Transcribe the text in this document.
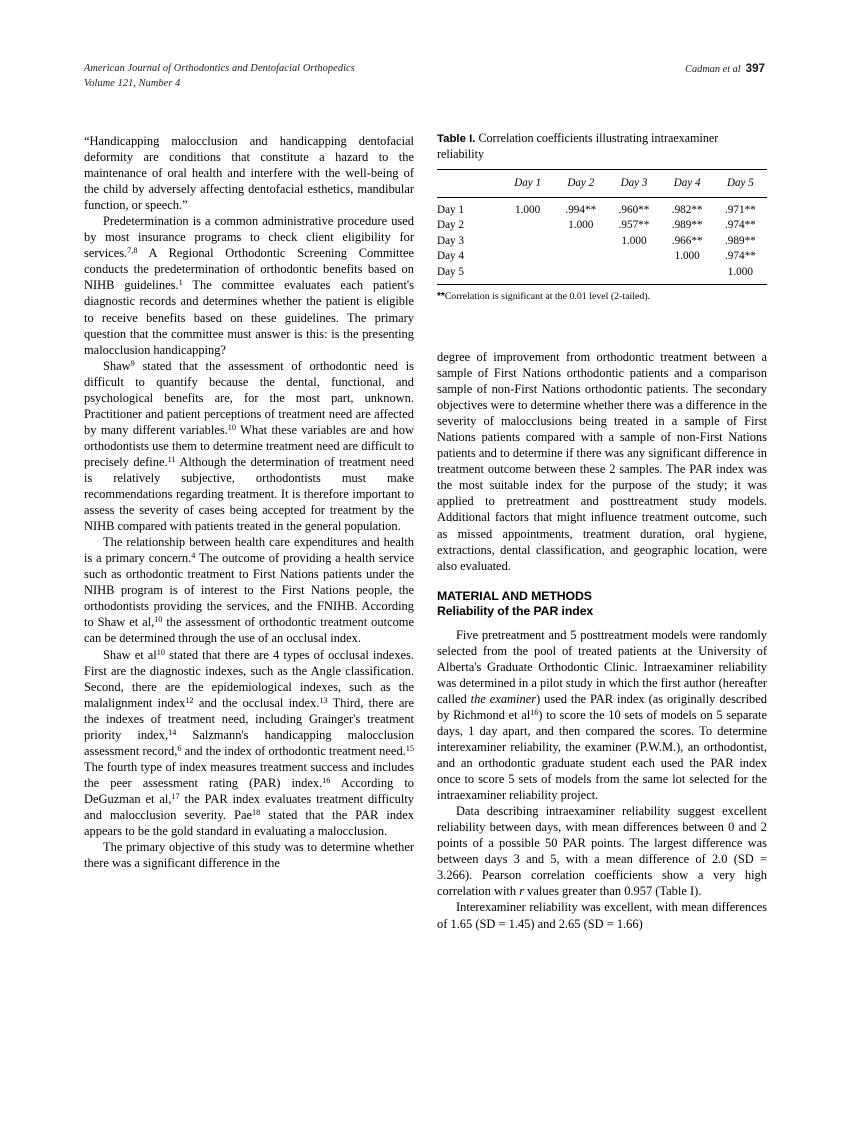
American Journal of Orthodontics and Dentofacial Orthopedics
Volume 121, Number 4
Cadman et al 397

“Handicapping malocclusion and handicapping dentofacial deformity are conditions that constitute a hazard to the maintenance of oral health and interfere with the well-being of the child by adversely affecting dentofacial esthetics, mandibular function, or speech.”

Predetermination is a common administrative procedure used by most insurance programs to check client eligibility for services.$^{7,8}$ A Regional Orthodontic Screening Committee conducts the predetermination of orthodontic benefits based on NIHB guidelines.$^1$ The committee evaluates each patient's diagnostic records and determines whether the patient is eligible to receive benefits based on these guidelines. The primary question that the committee must answer is this: is the presenting malocclusion handicapping?

Shaw$^9$ stated that the assessment of orthodontic need is difficult to quantify because the dental, functional, and psychological benefits are, for the most part, unknown. Practitioner and patient perceptions of treatment need are affected by many different variables.$^{10}$ What these variables are and how orthodontists use them to determine treatment need are difficult to precisely define.$^{11}$ Although the determination of treatment need is relatively subjective, orthodontists must make recommendations regarding treatment. It is therefore important to assess the severity of cases being accepted for treatment by the NIHB compared with patients treated in the general population.

The relationship between health care expenditures and health is a primary concern.$^4$ The outcome of providing a health service such as orthodontic treatment to First Nations patients under the NIHB program is of interest to the First Nations people, the orthodontists providing the services, and the FNIHB. According to Shaw et al,$^{10}$ the assessment of orthodontic treatment outcome can be determined through the use of an occlusal index.

Shaw et $al^{10}$ stated that there are 4 types of occlusal indexes. First are the diagnostic indexes, such as the Angle classification. Second, there are the epidemiological indexes, such as the malalignment index$^{12}$ and the occlusal index.$^{13}$ Third, there are the indexes of treatment need, including Grainger's treatment priority index,$^{14}$ Salzmann's handicapping malocclusion assessment record,$^6$ and the index of orthodontic treatment need.$^{15}$ The fourth type of index measures treatment success and includes the peer assessment rating (PAR) index.$^{16}$ According to DeGuzman et al,$^{17}$ the PAR index evaluates treatment difficulty and malocclusion severity. Pae$^{18}$ stated that the PAR index appears to be the gold standard in evaluating a malocclusion.

The primary objective of this study was to determine whether there was a significant difference in the

Table I. Correlation coefficients illustrating intraexaminer reliability
	Day 1	Day 2	Day 3	Day 4	Day 5
Day 1	1.000	.994**	.960**	.982**	.971**
Day 2		1.000	.957**	.989**	.974**
Day 3			1.000	.966**	.989**
Day 4				1.000	.974**
Day 5					1.000
**Correlation is significant at the 0.01 level (2-tailed).

degree of improvement from orthodontic treatment between a sample of First Nations orthodontic patients and a comparison sample of non-First Nations orthodontic patients. The secondary objectives were to determine whether there was a difference in the severity of malocclusions being treated in a sample of First Nations patients compared with a sample of non-First Nations patients and to determine if there was any significant difference in treatment outcome between these 2 samples. The PAR index was the most suitable index for the purpose of the study; it was applied to pretreatment and posttreatment study models. Additional factors that might influence treatment outcome, such as missed appointments, treatment duration, oral hygiene, extractions, dental classification, and geographic location, were also evaluated.

MATERIAL AND METHODS
Reliability of the PAR index

Five pretreatment and 5 posttreatment models were randomly selected from the pool of treated patients at the University of Alberta's Graduate Orthodontic Clinic. Intraexaminer reliability was determined in a pilot study in which the first author (hereafter called the examiner) used the PAR index (as originally described by Richmond et $al^{16}$) to score the 10 sets of models on 5 separate days, 1 day apart, and then compared the scores. To determine interexaminer reliability, the examiner (P.W.M.), an orthodontist, and an orthodontic graduate student each used the PAR index once to score 5 sets of models from the same lot selected for the intraexaminer reliability project.

Data describing intraexaminer reliability suggest excellent reliability between days, with mean differences between 0 and 2 points of a possible 50 PAR points. The largest difference was between days 3 and 5, with a mean difference of 2.0 (SD = 3.266). Pearson correlation coefficients show a very high correlation with r values greater than 0.957 (Table I).

Interexaminer reliability was excellent, with mean differences of 1.65 (SD = 1.45) and 2.65 (SD = 1.66)
